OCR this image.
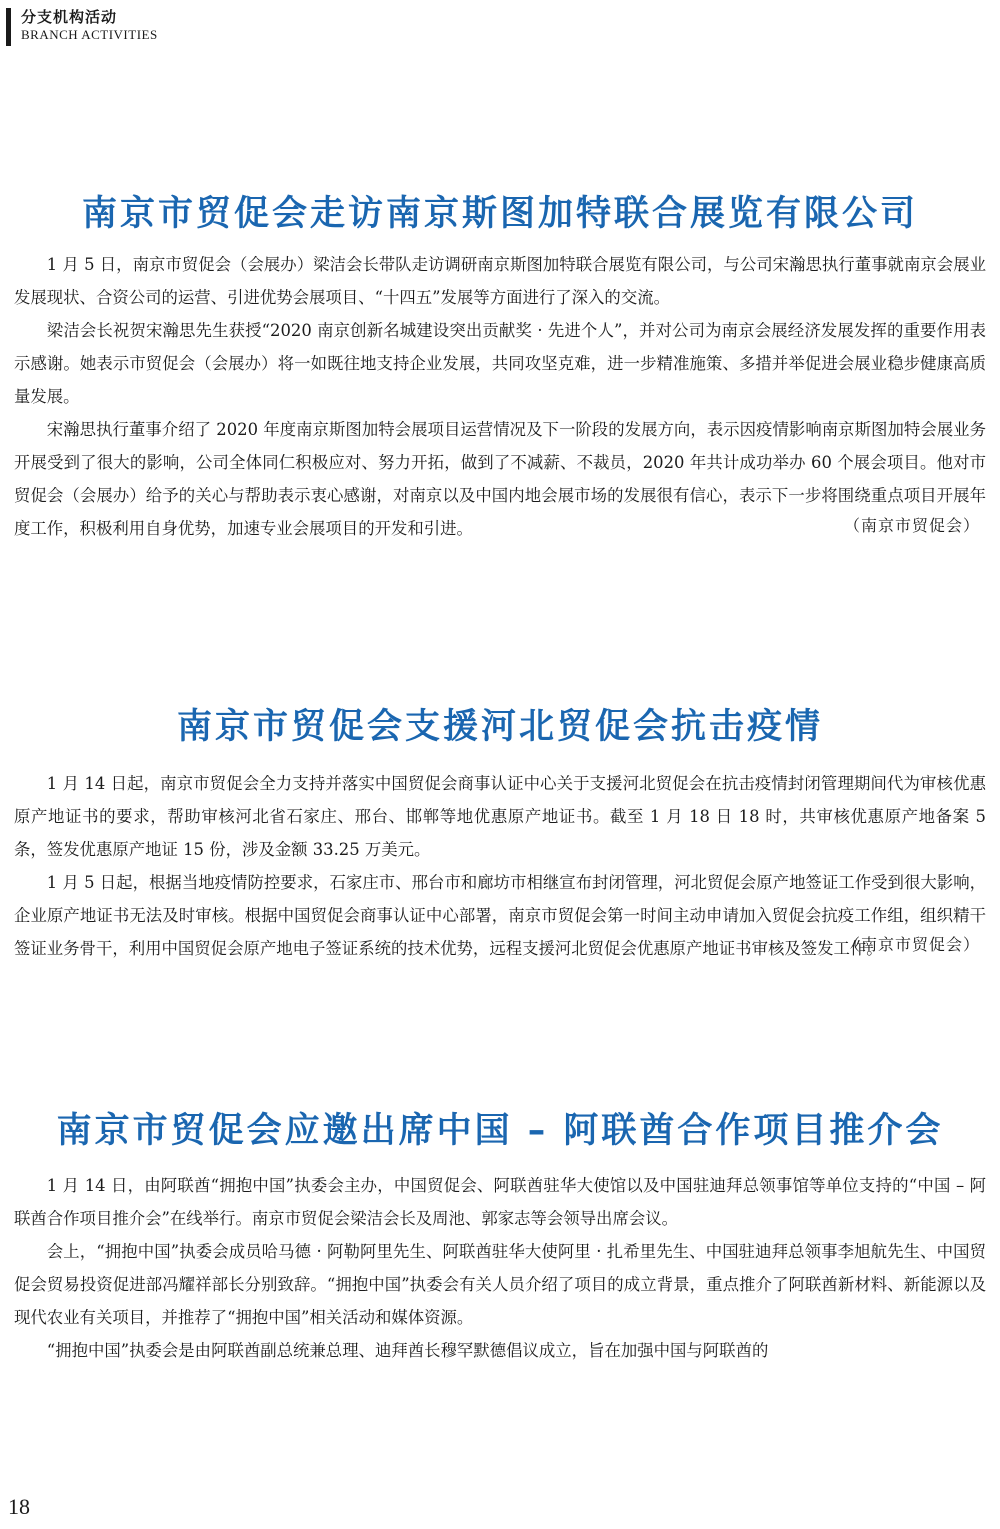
分支机构活动
BRANCH ACTIVITIES
南京市贸促会走访南京斯图加特联合展览有限公司

1 月 5 日，南京市贸促会（会展办）梁洁会长带队走访调研南京斯图加特联合展览有限公司，与公司宋瀚思执行董事就南京会展业发展现状、合资公司的运营、引进优势会展项目、“十四五”发展等方面进行了深入的交流。

梁洁会长祝贺宋瀚思先生获授“2020 南京创新名城建设突出贡献奖 · 先进个人”，并对公司为南京会展经济发展发挥的重要作用表示感谢。她表示市贸促会（会展办）将一如既往地支持企业发展，共同攻坚克难，进一步精准施策、多措并举促进会展业稳步健康高质量发展。

宋瀚思执行董事介绍了 2020 年度南京斯图加特会展项目运营情况及下一阶段的发展方向，表示因疫情影响南京斯图加特会展业务开展受到了很大的影响，公司全体同仁积极应对、努力开拓，做到了不减薪、不裁员，2020 年共计成功举办 60 个展会项目。他对市贸促会（会展办）给予的关心与帮助表示衷心感谢，对南京以及中国内地会展市场的发展很有信心，表示下一步将围绕重点项目开展年度工作，积极利用自身优势，加速专业会展项目的开发和引进。	（南京市贸促会）
南京市贸促会支援河北贸促会抗击疫情

1 月 14 日起，南京市贸促会全力支持并落实中国贸促会商事认证中心关于支援河北贸促会在抗击疫情封闭管理期间代为审核优惠原产地证书的要求，帮助审核河北省石家庄、邢台、邯郸等地优惠原产地证书。截至 1 月 18 日 18 时，共审核优惠原产地备案 5 条，签发优惠原产地证 15 份，涉及金额 33.25 万美元。

1 月 5 日起，根据当地疫情防控要求，石家庄市、邢台市和廊坊市相继宣布封闭管理，河北贸促会原产地签证工作受到很大影响，企业原产地证书无法及时审核。根据中国贸促会商事认证中心部署，南京市贸促会第一时间主动申请加入贸促会抗疫工作组，组织精干签证业务骨干，利用中国贸促会原产地电子签证系统的技术优势，远程支援河北贸促会优惠原产地证书审核及签发工作。

（南京市贸促会）
南京市贸促会应邀出席中国 – 阿联酋合作项目推介会

1 月 14 日，由阿联酋“拥抱中国”执委会主办，中国贸促会、阿联酋驻华大使馆以及中国驻迪拜总领事馆等单位支持的“中国 – 阿联酋合作项目推介会”在线举行。南京市贸促会梁洁会长及周池、郭家志等会领导出席会议。

会上，“拥抱中国”执委会成员哈马德 · 阿勒阿里先生、阿联酋驻华大使阿里 · 扎希里先生、中国驻迪拜总领事李旭航先生、中国贸促会贸易投资促进部冯耀祥部长分别致辞。“拥抱中国”执委会有关人员介绍了项目的成立背景，重点推介了阿联酋新材料、新能源以及现代农业有关项目，并推荐了“拥抱中国”相关活动和媒体资源。

“拥抱中国”执委会是由阿联酋副总统兼总理、迪拜酋长穆罕默德倡议成立，旨在加强中国与阿联酋的

18
